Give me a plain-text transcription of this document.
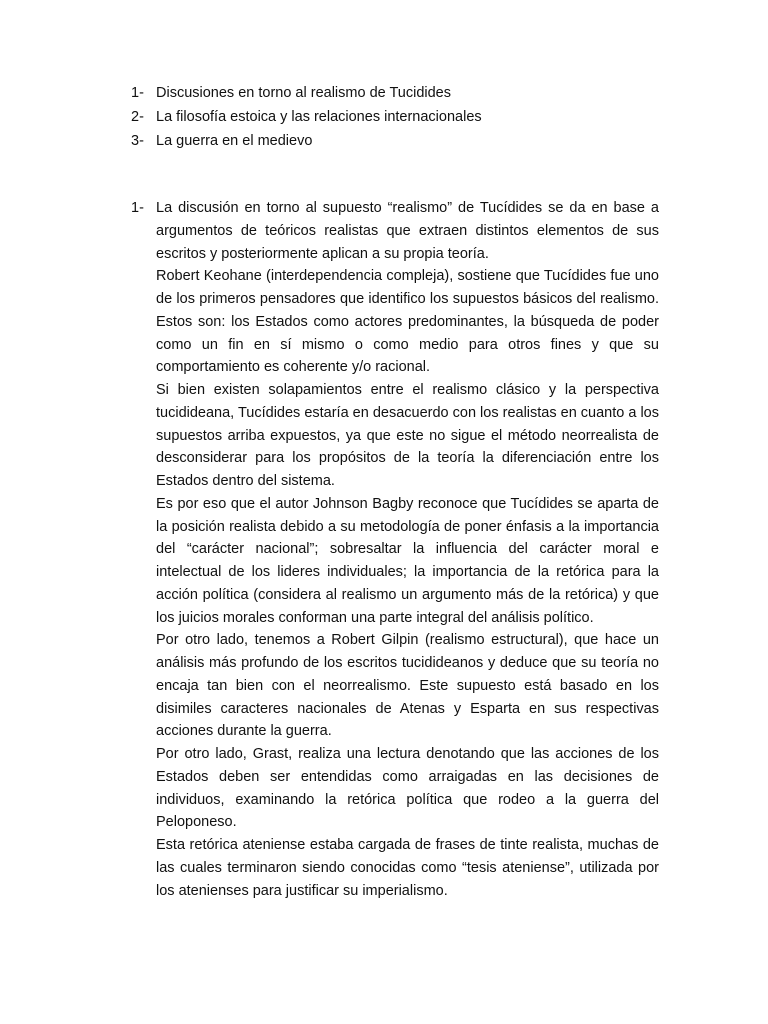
1- Discusiones en torno al realismo de Tucidides
2- La filosofía estoica y las relaciones internacionales
3- La guerra en el medievo
1- La discusión en torno al supuesto “realismo” de Tucídides se da en base a argumentos de teóricos realistas que extraen distintos elementos de sus escritos y posteriormente aplican a su propia teoría.

Robert Keohane (interdependencia compleja), sostiene que Tucídides fue uno de los primeros pensadores que identifico los supuestos básicos del realismo. Estos son: los Estados como actores predominantes, la búsqueda de poder como un fin en sí mismo o como medio para otros fines y que su comportamiento es coherente y/o racional.

Si bien existen solapamientos entre el realismo clásico y la perspectiva tucidideana, Tucídides estaría en desacuerdo con los realistas en cuanto a los supuestos arriba expuestos, ya que este no sigue el método neorrealista de desconsiderar para los propósitos de la teoría la diferenciación entre los Estados dentro del sistema.

Es por eso que el autor Johnson Bagby reconoce que Tucídides se aparta de la posición realista debido a su metodología de poner énfasis a la importancia del “carácter nacional”; sobresaltar la influencia del carácter moral e intelectual de los lideres individuales; la importancia de la retórica para la acción política (considera al realismo un argumento más de la retórica) y que los juicios morales conforman una parte integral del análisis político.

Por otro lado, tenemos a Robert Gilpin (realismo estructural), que hace un análisis más profundo de los escritos tucidideanos y deduce que su teoría no encaja tan bien con el neorrealismo. Este supuesto está basado en los disimiles caracteres nacionales de Atenas y Esparta en sus respectivas acciones durante la guerra.

Por otro lado, Grast, realiza una lectura denotando que las acciones de los Estados deben ser entendidas como arraigadas en las decisiones de individuos, examinando la retórica política que rodeo a la guerra del Peloponeso.

Esta retórica ateniense estaba cargada de frases de tinte realista, muchas de las cuales terminaron siendo conocidas como “tesis ateniense”, utilizada por los atenienses para justificar su imperialismo.
